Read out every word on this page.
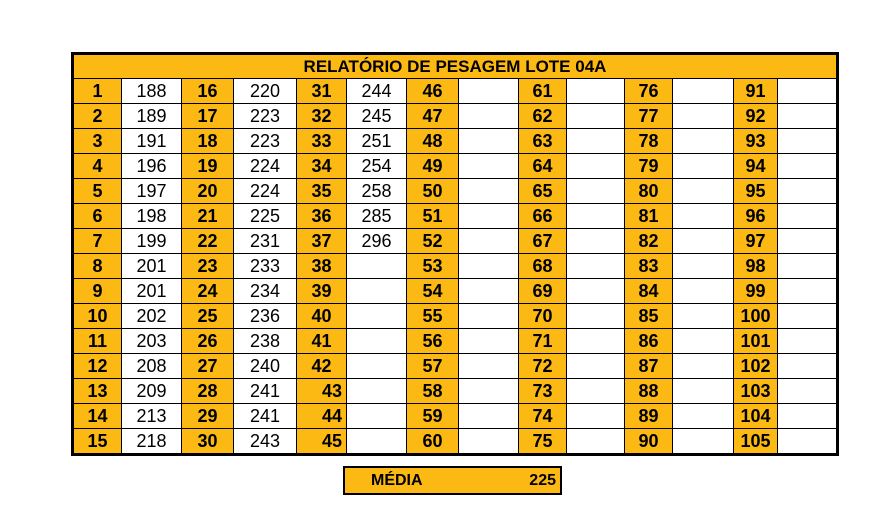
RELATÓRIO DE PESAGEM LOTE 04A													
1	188	16	220	31	244	46		61		76		91	
2	189	17	223	32	245	47		62		77		92	
3	191	18	223	33	251	48		63		78		93	
4	196	19	224	34	254	49		64		79		94	
5	197	20	224	35	258	50		65		80		95	
6	198	21	225	36	285	51		66		81		96	
7	199	22	231	37	296	52		67		82		97	
8	201	23	233	38		53		68		83		98	
9	201	24	234	39		54		69		84		99	
10	202	25	236	40		55		70		85		100	
11	203	26	238	41		56		71		86		101	
12	208	27	240	42		57		72		87		102	
13	209	28	241	43		58		73		88		103	
14	213	29	241	44		59		74		89		104	
15	218	30	243	45		60		75		90		105	
MÉDIA	225
